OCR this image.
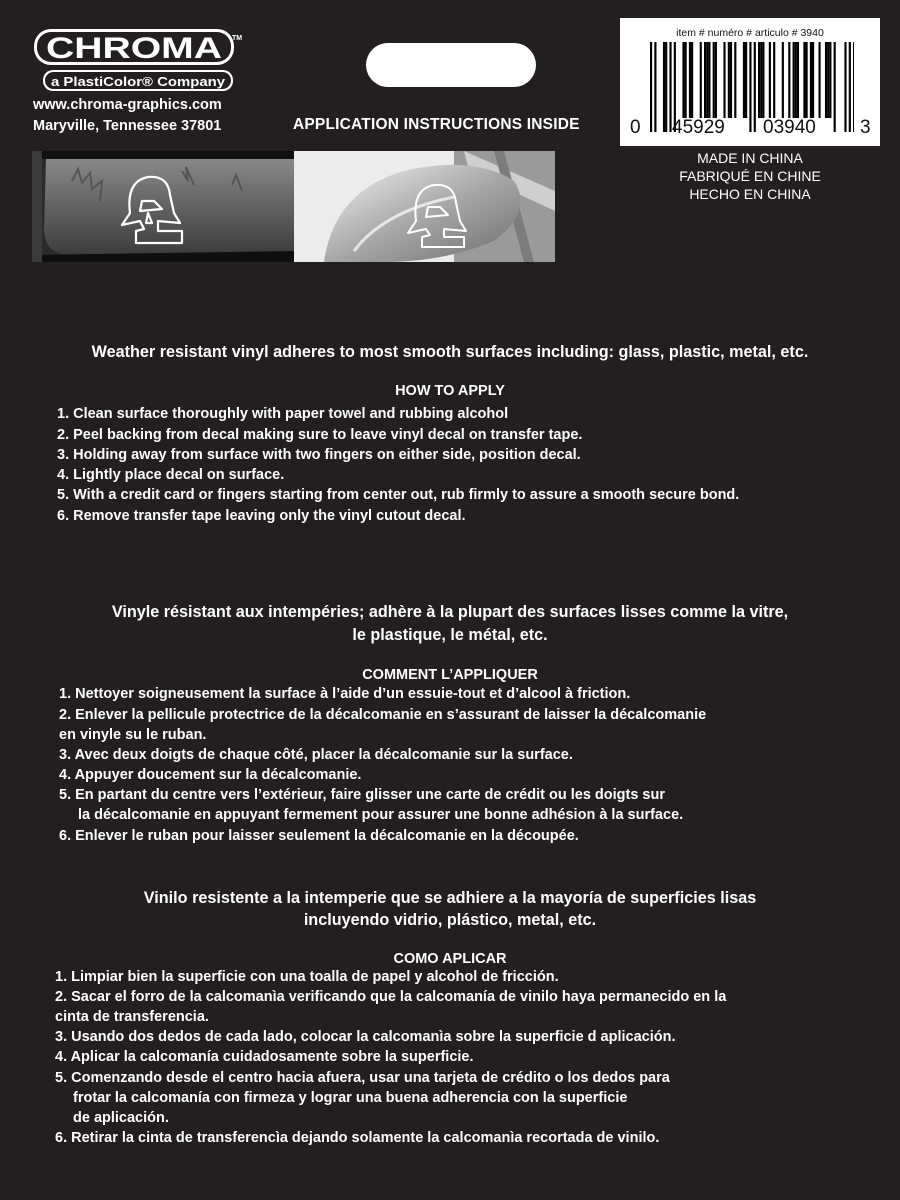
CHROMA TM
a PlastiColor® Company
www.chroma-graphics.com
Maryville, Tennessee 37801	APPLICATION INSTRUCTIONS INSIDE
item # numéro # articulo # 3940
0 45929 03940 3
MADE IN CHINA
FABRIQUÉ EN CHINE
HECHO EN CHINA
Weather resistant vinyl adheres to most smooth surfaces including: glass, plastic, metal, etc.
HOW TO APPLY
1. Clean surface thoroughly with paper towel and rubbing alcohol
2. Peel backing from decal making sure to leave vinyl decal on transfer tape.
3. Holding away from surface with two fingers on either side, position decal.
4. Lightly place decal on surface.
5. With a credit card or fingers starting from center out, rub firmly to assure a smooth secure bond.
6. Remove transfer tape leaving only the vinyl cutout decal.
Vinyle résistant aux intempéries; adhère à la plupart des surfaces lisses comme la vitre,
le plastique, le métal, etc.
COMMENT L’APPLIQUER
1. Nettoyer soigneusement la surface à l’aide d’un essuie-tout et d’alcool à friction.
2. Enlever la pellicule protectrice de la décalcomanie en s’assurant de laisser la décalcomanie
en vinyle su le ruban.
3. Avec deux doigts de chaque côté, placer la décalcomanie sur la surface.
4. Appuyer doucement sur la décalcomanie.
5. En partant du centre vers l’extérieur, faire glisser une carte de crédit ou les doigts sur
la décalcomanie en appuyant fermement pour assurer une bonne adhésion à la surface.
6. Enlever le ruban pour laisser seulement la décalcomanie en la découpée.
Vinilo resistente a la intemperie que se adhiere a la mayoría de superficies lisas
incluyendo vidrio, plástico, metal, etc.
COMO APLICAR
1. Limpiar bien la superficie con una toalla de papel y alcohol de fricción.
2. Sacar el forro de la calcomanìa verificando que la calcomanía de vinilo haya permanecido en la
cinta de transferencia.
3. Usando dos dedos de cada lado, colocar la calcomanìa sobre la superficie d aplicación.
4. Aplicar la calcomanía cuidadosamente sobre la superficie.
5. Comenzando desde el centro hacia afuera, usar una tarjeta de crédito o los dedos para
frotar la calcomanía con firmeza y lograr una buena adherencia con la superficie
de aplicación.
6. Retirar la cinta de transferencìa dejando solamente la calcomanìa recortada de vinilo.
